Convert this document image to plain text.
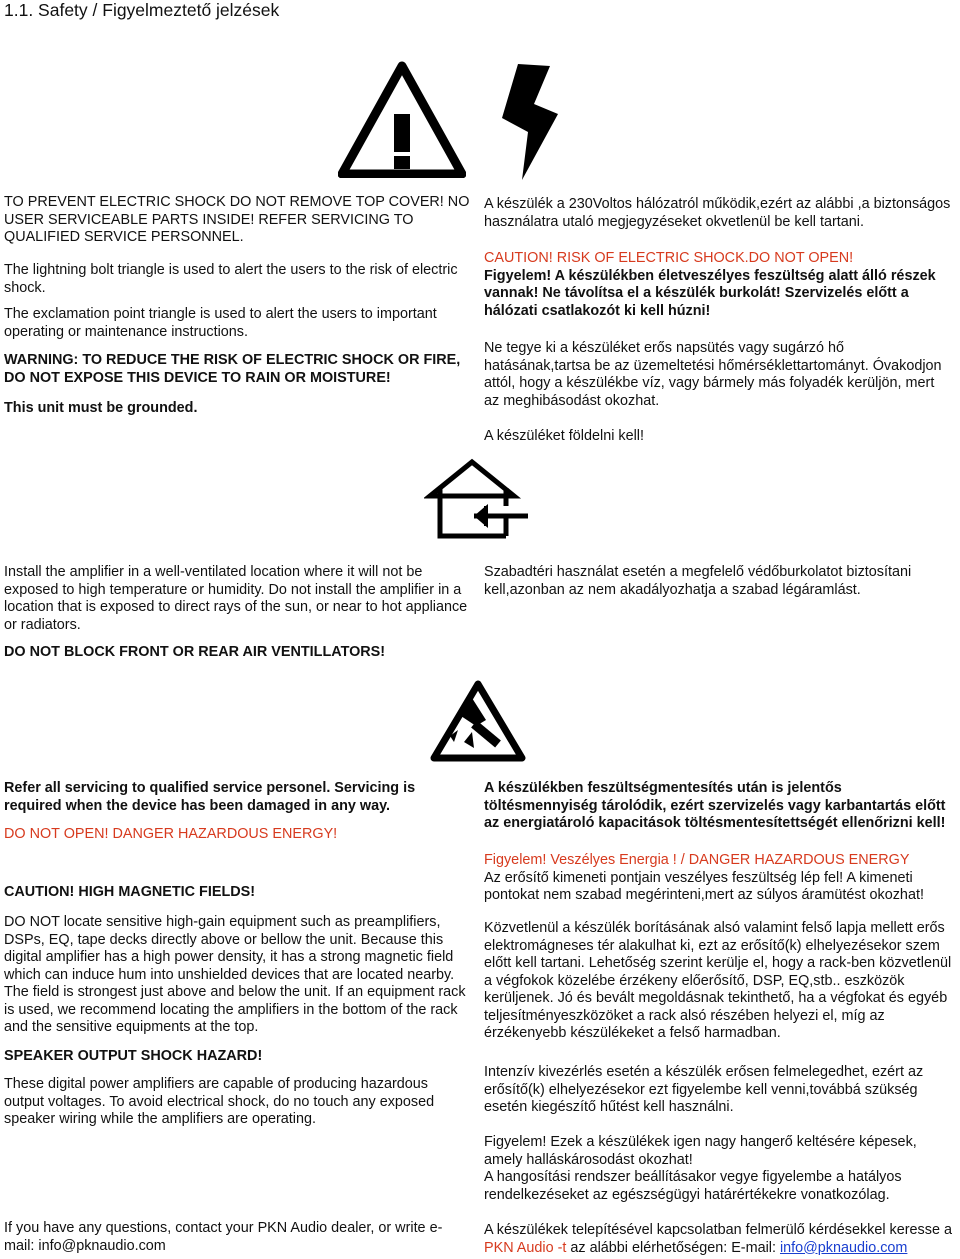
1.1. Safety / Figyelmeztető jelzések

TO PREVENT ELECTRIC SHOCK DO NOT REMOVE TOP COVER! NO USER SERVICEABLE PARTS INSIDE! REFER SERVICING TO QUALIFIED SERVICE PERSONNEL.

The lightning bolt triangle is used to alert the users to the risk of electric shock.

The exclamation point triangle is used to alert the users to important operating or maintenance instructions.

WARNING: TO REDUCE THE RISK OF ELECTRIC SHOCK OR FIRE, DO NOT EXPOSE THIS DEVICE TO RAIN OR MOISTURE!

This unit must be grounded.

Install the amplifier in a well-ventilated location where it will not be exposed to high temperature or humidity. Do not install the amplifier in a location that is exposed to direct rays of the sun, or near to hot appliance or radiators.

DO NOT BLOCK FRONT OR REAR AIR VENTILLATORS!

Refer all servicing to qualified service personel. Servicing is required when the device has been damaged in any way.

DO NOT OPEN! DANGER HAZARDOUS ENERGY!

CAUTION! HIGH MAGNETIC FIELDS!

DO NOT locate sensitive high-gain equipment such as preamplifiers, DSPs, EQ, tape decks directly above or bellow the unit. Because this digital amplifier has a high power density, it has a strong magnetic field which can induce hum into unshielded devices that are located nearby. The field is strongest just above and below the unit. If an equipment rack is used, we recommend locating the amplifiers in the bottom of the rack and the sensitive equipments at the top.

SPEAKER OUTPUT SHOCK HAZARD!

These digital power amplifiers are capable of producing hazardous output voltages. To avoid electrical shock, do no touch any exposed speaker wiring while the amplifiers are operating.

If you have any questions, contact your PKN Audio dealer, or write e-mail: info@pknaudio.com

A készülék a 230Voltos hálózatról működik,ezért az alábbi ,a biztonságos használatra utaló megjegyzéseket okvetlenül be kell tartani.

CAUTION! RISK OF ELECTRIC SHOCK.DO NOT OPEN!

Figyelem! A készülékben életveszélyes feszültség alatt álló részek vannak! Ne távolítsa el a készülék burkolát! Szervizelés előtt a hálózati csatlakozót ki kell húzni!

Ne tegye ki a készüléket erős napsütés vagy sugárzó hő hatásának,tartsa be az üzemeltetési hőmérséklettartományt. Óvakodjon attól, hogy a készülékbe víz, vagy bármely más folyadék kerüljön, mert az meghibásodást okozhat.

A készüléket földelni kell!

Szabadtéri használat esetén a megfelelő védőburkolatot biztosítani kell,azonban az nem akadályozhatja a szabad légáramlást.

A készülékben feszültségmentesítés után is jelentős töltésmennyiség tárolódik, ezért szervizelés vagy karbantartás előtt az energiatároló kapacitások töltésmentesítettségét ellenőrizni kell!

Figyelem! Veszélyes Energia ! / DANGER HAZARDOUS ENERGY

Az erősítő kimeneti pontjain veszélyes feszültség lép fel! A kimeneti pontokat nem szabad megérinteni,mert az súlyos áramütést okozhat!

Közvetlenül a készülék borításának alsó valamint felső lapja mellett erős elektromágneses tér alakulhat ki, ezt az erősítő(k) elhelyezésekor szem előtt kell tartani. Lehetőség szerint kerülje el, hogy a rack-ben közvetlenül a végfokok közelébe érzékeny előerősítő, DSP, EQ,stb.. eszközök kerüljenek. Jó és bevált megoldásnak tekinthető, ha a végfokat és egyéb teljesítményeszközöket a rack alsó részében helyezi el, míg az érzékenyebb készülékeket a felső harmadban.

Intenzív kivezérlés esetén a készülék erősen felmelegedhet, ezért az erősítő(k) elhelyezésekor ezt figyelembe kell venni,továbbá szükség esetén kiegészítő hűtést kell használni.

Figyelem! Ezek a készülékek igen nagy hangerő keltésére képesek, amely halláskárosodást okozhat!

A hangosítási rendszer beállításakor vegye figyelembe a hatályos rendelkezéseket az egészségügyi határértékekre vonatkozólag.

A készülékek telepítésével kapcsolatban felmerülő kérdésekkel keresse a
PKN Audio -t az alábbi elérhetőségen: E-mail: info@pknaudio.com
